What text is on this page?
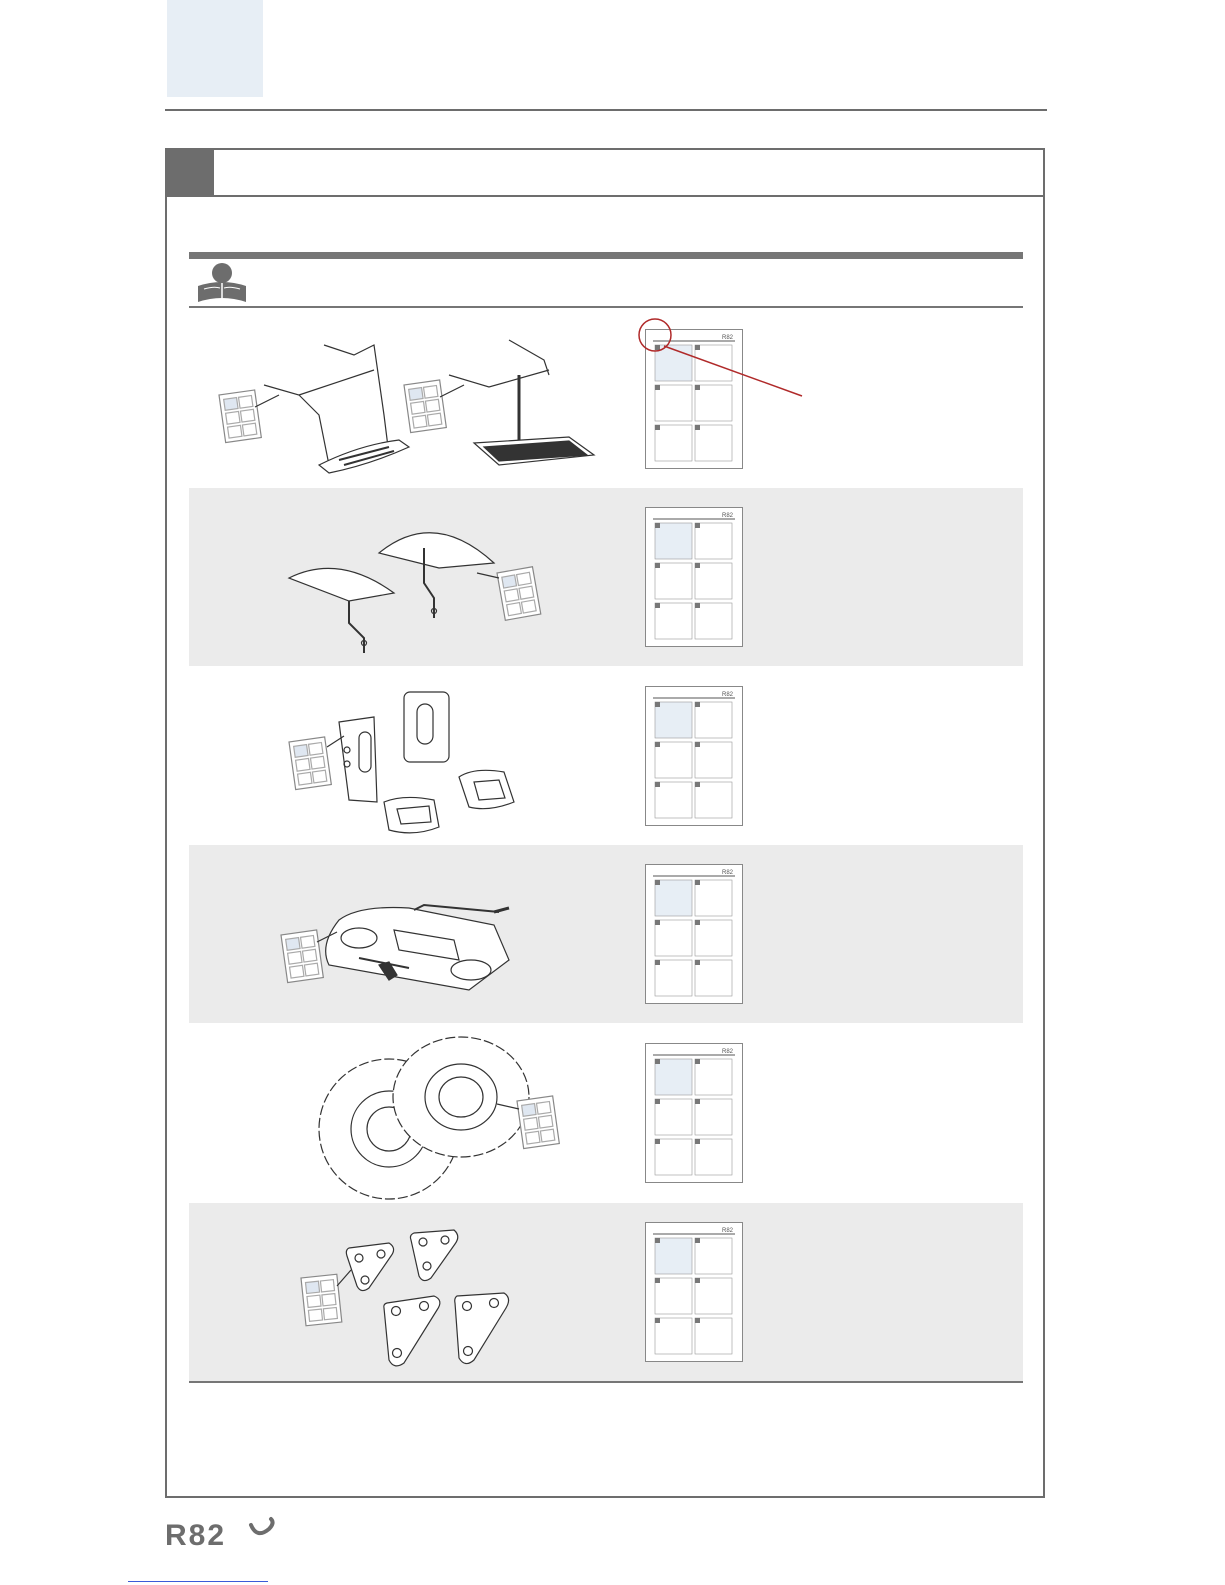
R82
R82
R82
R82
R82
R82
R82
